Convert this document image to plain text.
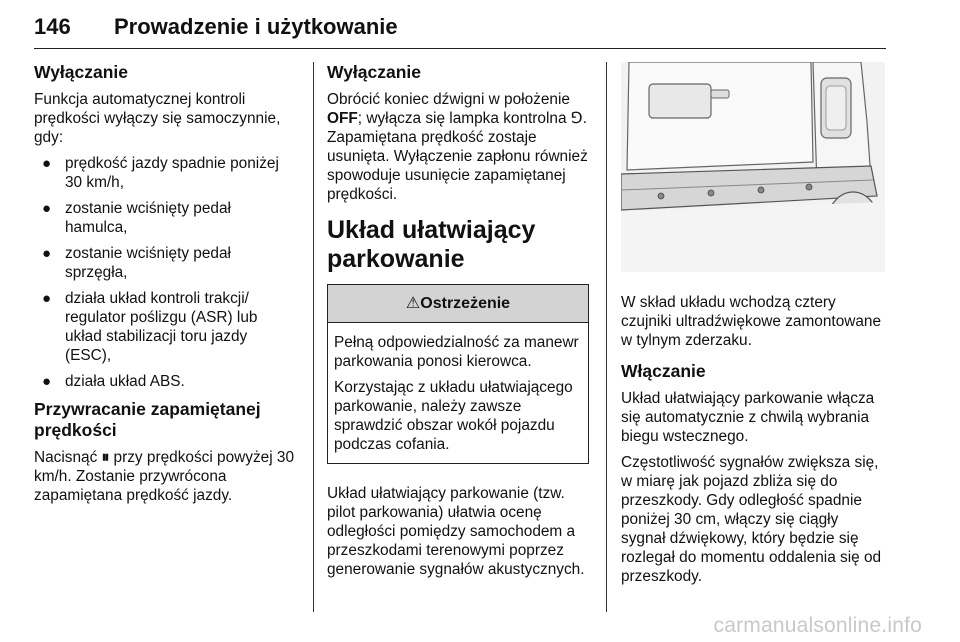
146 Prowadzenie i użytkowanie
Wyłączanie

Funkcja automatycznej kontroli prędkości wyłączy się samoczynnie, gdy:

● prędkość jazdy spadnie poniżej 30 km/h,
● zostanie wciśnięty pedał hamulca,
● zostanie wciśnięty pedał sprzęgła,
● działa układ kontroli trakcji/ regulator poślizgu (ASR) lub układ stabilizacji toru jazdy (ESC),
● działa układ ABS.
Przywracanie zapamiętanej prędkości

Nacisnąć ⏸ przy prędkości powyżej 30 km/h. Zostanie przywrócona zapamiętana prędkość jazdy.

Wyłączanie

Obrócić koniec dźwigni w położenie OFF; wyłącza się lampka kontrolna ⅁. Zapamiętana prędkość zostaje usunięta. Wyłączenie zapłonu również spowoduje usunięcie zapamiętanej prędkości.

Układ ułatwiający parkowanie
⚠Ostrzeżenie

Pełną odpowiedzialność za manewr parkowania ponosi kierowca.

Korzystając z układu ułatwiającego parkowanie, należy zawsze sprawdzić obszar wokół pojazdu podczas cofania.

Układ ułatwiający parkowanie (tzw. pilot parkowania) ułatwia ocenę odległości pomiędzy samochodem a przeszkodami terenowymi poprzez generowanie sygnałów akustycznych.

W skład układu wchodzą cztery czujniki ultradźwiękowe zamontowane w tylnym zderzaku.

Włączanie

Układ ułatwiający parkowanie włącza się automatycznie z chwilą wybrania biegu wstecznego.

Częstotliwość sygnałów zwiększa się, w miarę jak pojazd zbliża się do przeszkody. Gdy odległość spadnie poniżej 30 cm, włączy się ciągły sygnał dźwiękowy, który będzie się rozlegał do momentu oddalenia się od przeszkody.

carmanualsonline.info
